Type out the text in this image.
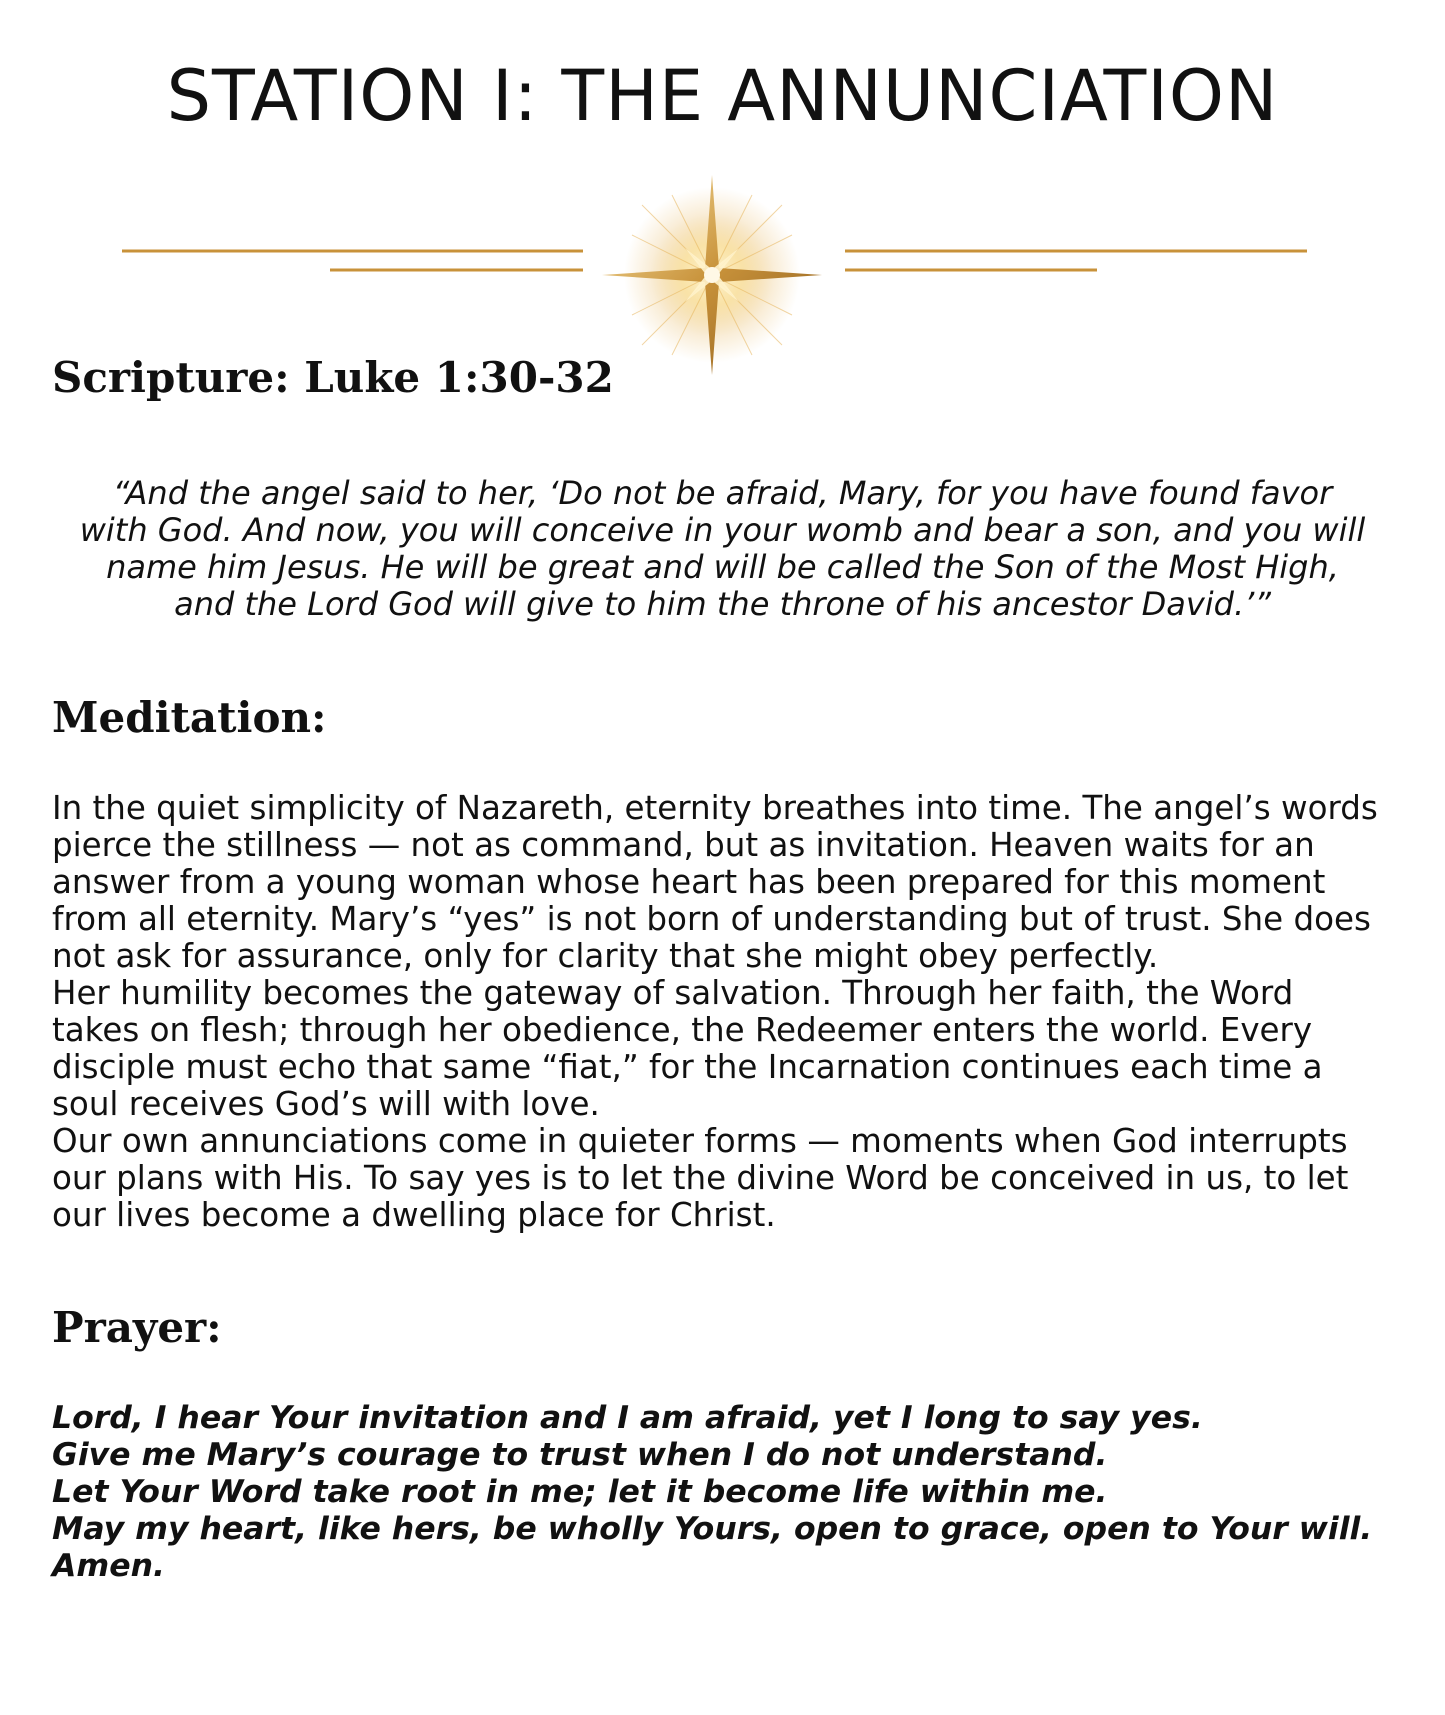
STATION I: THE ANNUNCIATION
Scripture: Luke 1:30-32
“And the angel said to her, ‘Do not be afraid, Mary, for you have found favor
with God. And now, you will conceive in your womb and bear a son, and you will
name him Jesus. He will be great and will be called the Son of the Most High,
and the Lord God will give to him the throne of his ancestor David.’”
Meditation:

In the quiet simplicity of Nazareth, eternity breathes into time. The angel’s words

pierce the stillness — not as command, but as invitation. Heaven waits for an

answer from a young woman whose heart has been prepared for this moment

from all eternity. Mary’s “yes” is not born of understanding but of trust. She does

not ask for assurance, only for clarity that she might obey perfectly.

Her humility becomes the gateway of salvation. Through her faith, the Word

takes on flesh; through her obedience, the Redeemer enters the world. Every

disciple must echo that same “fiat,” for the Incarnation continues each time a

soul receives God’s will with love.

Our own annunciations come in quieter forms — moments when God interrupts

our plans with His. To say yes is to let the divine Word be conceived in us, to let

our lives become a dwelling place for Christ.

Prayer:

Lord, I hear Your invitation and I am afraid, yet I long to say yes.

Give me Mary’s courage to trust when I do not understand.

Let Your Word take root in me; let it become life within me.

May my heart, like hers, be wholly Yours, open to grace, open to Your will.

Amen.
